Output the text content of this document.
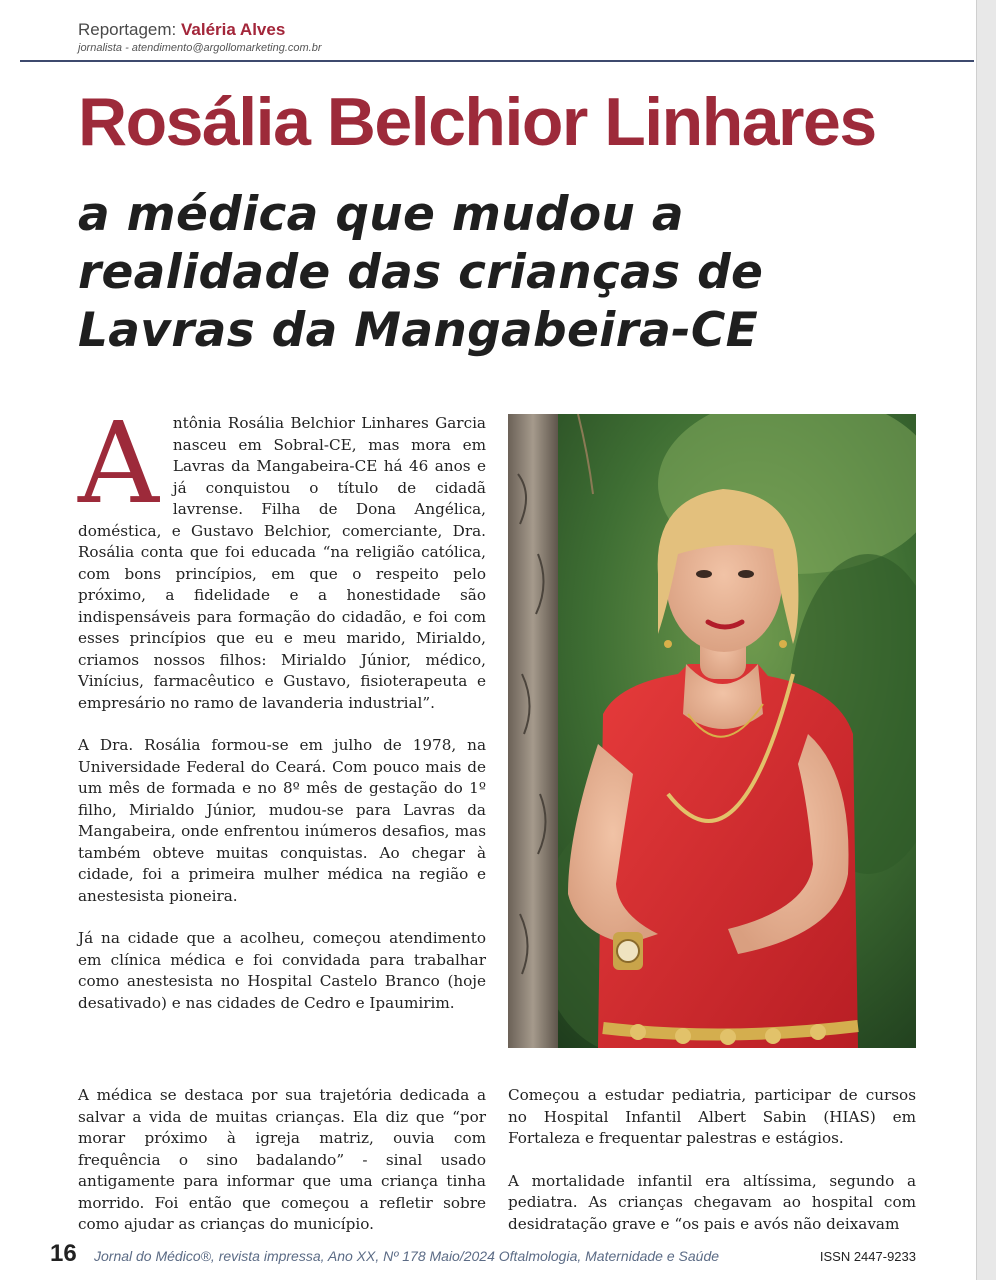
Reportagem: Valéria Alves
jornalista - atendimento@argollomarketing.com.br
Rosália Belchior Linhares
a médica que mudou a realidade das crianças de Lavras da Mangabeira-CE

Antônia Rosália Belchior Linhares Garcia nasceu em Sobral-CE, mas mora em Lavras da Mangabeira-CE há 46 anos e já conquistou o título de cidadã lavrense. Filha de Dona Angélica, doméstica, e Gustavo Belchior, comerciante, Dra. Rosália conta que foi educada “na religião católica, com bons princípios, em que o respeito pelo próximo, a fidelidade e a honestidade são indispensáveis para formação do cidadão, e foi com esses princípios que eu e meu marido, Mirialdo, criamos nossos filhos: Mirialdo Júnior, médico, Vinícius, farmacêutico e Gustavo, fisioterapeuta e empresário no ramo de lavanderia industrial”.

A Dra. Rosália formou-se em julho de 1978, na Universidade Federal do Ceará. Com pouco mais de um mês de formada e no 8º mês de gestação do 1º filho, Mirialdo Júnior, mudou-se para Lavras da Mangabeira, onde enfrentou inúmeros desafios, mas também obteve muitas conquistas. Ao chegar à cidade, foi a primeira mulher médica na região e anestesista pioneira.

Já na cidade que a acolheu, começou atendimento em clínica médica e foi convidada para trabalhar como anestesista no Hospital Castelo Branco (hoje desativado) e nas cidades de Cedro e Ipaumirim.

A médica se destaca por sua trajetória dedicada a salvar a vida de muitas crianças. Ela diz que “por morar próximo à igreja matriz, ouvia com frequência o sino badalando” - sinal usado antigamente para informar que uma criança tinha morrido. Foi então que começou a refletir sobre como ajudar as crianças do município.

Começou a estudar pediatria, participar de cursos no Hospital Infantil Albert Sabin (HIAS) em Fortaleza e frequentar palestras e estágios.

A mortalidade infantil era altíssima, segundo a pediatra. As crianças chegavam ao hospital com desidratação grave e “os pais e avós não deixavam

16 Jornal do Médico®, revista impressa, Ano XX, Nº 178 Maio/2024 Oftalmologia, Maternidade e Saúde	ISSN 2447-9233
